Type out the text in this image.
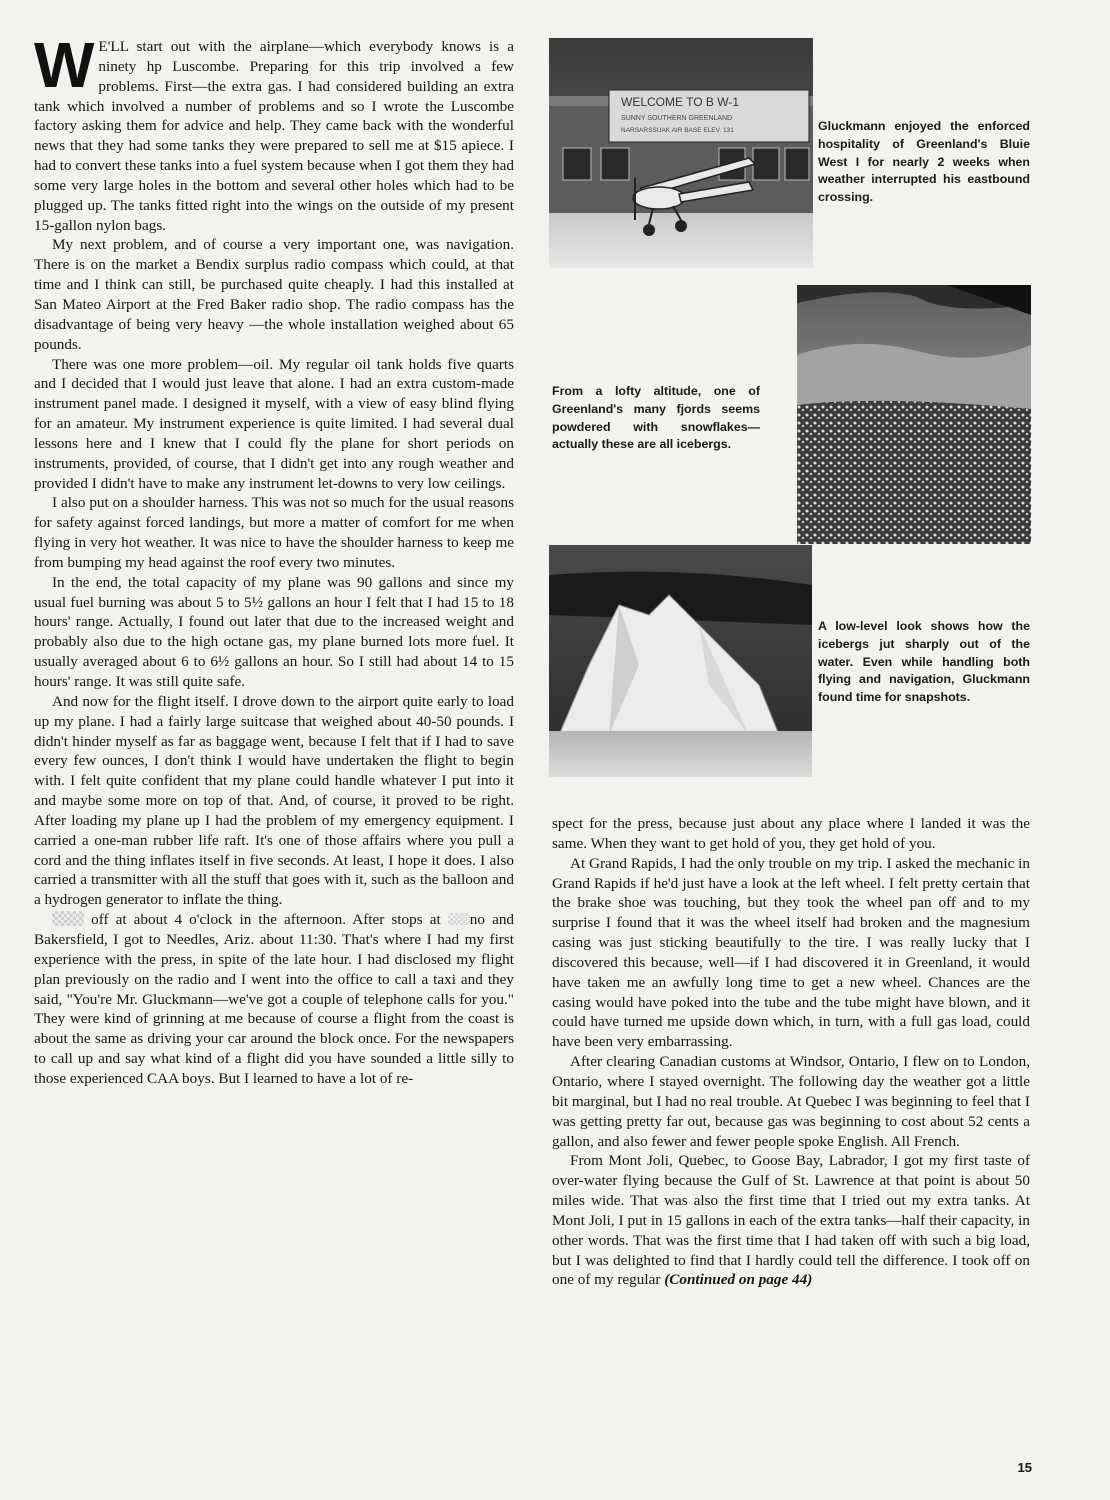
W E'LL start out with the airplane—which everybody knows is a ninety hp Luscombe. Preparing for this trip involved a few problems. First—the extra gas. I had considered building an extra tank which involved a number of problems and so I wrote the Luscombe factory asking them for advice and help. They came back with the wonderful news that they had some tanks they were prepared to sell me at $15 apiece. I had to convert these tanks into a fuel system because when I got them they had some very large holes in the bottom and several other holes which had to be plugged up. The tanks fitted right into the wings on the outside of my present 15-gallon nylon bags.

My next problem, and of course a very important one, was navigation. There is on the market a Bendix surplus radio compass which could, at that time and I think can still, be purchased quite cheaply. I had this installed at San Mateo Airport at the Fred Baker radio shop. The radio compass has the disadvantage of being very heavy —the whole installation weighed about 65 pounds.

There was one more problem—oil. My regular oil tank holds five quarts and I decided that I would just leave that alone. I had an extra custom-made instrument panel made. I designed it myself, with a view of easy blind flying for an amateur. My instrument experience is quite limited. I had several dual lessons here and I knew that I could fly the plane for short periods on instruments, provided, of course, that I didn't get into any rough weather and provided I didn't have to make any instrument let-downs to very low ceilings.

I also put on a shoulder harness. This was not so much for the usual reasons for safety against forced landings, but more a matter of comfort for me when flying in very hot weather. It was nice to have the shoulder harness to keep me from bumping my head against the roof every two minutes.

In the end, the total capacity of my plane was 90 gallons and since my usual fuel burning was about 5 to 5½ gallons an hour I felt that I had 15 to 18 hours' range. Actually, I found out later that due to the increased weight and probably also due to the high octane gas, my plane burned lots more fuel. It usually averaged about 6 to 6½ gallons an hour. So I still had about 14 to 15 hours' range. It was still quite safe.

And now for the flight itself. I drove down to the airport quite early to load up my plane. I had a fairly large suitcase that weighed about 40-50 pounds. I didn't hinder myself as far as baggage went, because I felt that if I had to save every few ounces, I don't think I would have undertaken the flight to begin with. I felt quite confident that my plane could handle whatever I put into it and maybe some more on top of that. And, of course, it proved to be right. After loading my plane up I had the problem of my emergency equipment. I carried a one-man rubber life raft. It's one of those affairs where you pull a cord and the thing inflates itself in five seconds. At least, I hope it does. I also carried a transmitter with all the stuff that goes with it, such as the balloon and a hydrogen generator to inflate the thing.

off at about 4 o'clock in the afternoon. After stops at no and Bakersfield, I got to Needles, Ariz. about 11:30. That's where I had my first experience with the press, in spite of the late hour. I had disclosed my flight plan previously on the radio and I went into the office to call a taxi and they said, "You're Mr. Gluckmann—we've got a couple of telephone calls for you." They were kind of grinning at me because of course a flight from the coast is about the same as driving your car around the block once. For the newspapers to call up and say what kind of a flight did you have sounded a little silly to those experienced CAA boys. But I learned to have a lot of re-

spect for the press, because just about any place where I landed it was the same. When they want to get hold of you, they get hold of you.

At Grand Rapids, I had the only trouble on my trip. I asked the mechanic in Grand Rapids if he'd just have a look at the left wheel. I felt pretty certain that the brake shoe was touching, but they took the wheel pan off and to my surprise I found that it was the wheel itself had broken and the magnesium casing was just sticking beautifully to the tire. I was really lucky that I discovered this because, well—if I had discovered it in Greenland, it would have taken me an awfully long time to get a new wheel. Chances are the casing would have poked into the tube and the tube might have blown, and it could have turned me upside down which, in turn, with a full gas load, could have been very embarrassing.

After clearing Canadian customs at Windsor, Ontario, I flew on to London, Ontario, where I stayed overnight. The following day the weather got a little bit marginal, but I had no real trouble. At Quebec I was beginning to feel that I was getting pretty far out, because gas was beginning to cost about 52 cents a gallon, and also fewer and fewer people spoke English. All French.

From Mont Joli, Quebec, to Goose Bay, Labrador, I got my first taste of over-water flying because the Gulf of St. Lawrence at that point is about 50 miles wide. That was also the first time that I tried out my extra tanks. At Mont Joli, I put in 15 gallons in each of the extra tanks—half their capacity, in other words. That was the first time that I had taken off with such a big load, but I was delighted to find that I hardly could tell the difference. I took off on one of my regular (Continued on page 44)

WELCOME TO B W-1
SUNNY SOUTHERN GREENLAND
NARSARSSUAK AIR BASE ELEV. 131	Gluckmann enjoyed the enforced hospitality of Greenland's Bluie West I for nearly 2 weeks when weather interrupted his eastbound crossing.
From a lofty altitude, one of Greenland's many fjords seems powdered with snowflakes—actually these are all icebergs.
A low-level look shows how the icebergs jut sharply out of the water. Even while handling both flying and navigation, Gluckmann found time for snapshots.
15
